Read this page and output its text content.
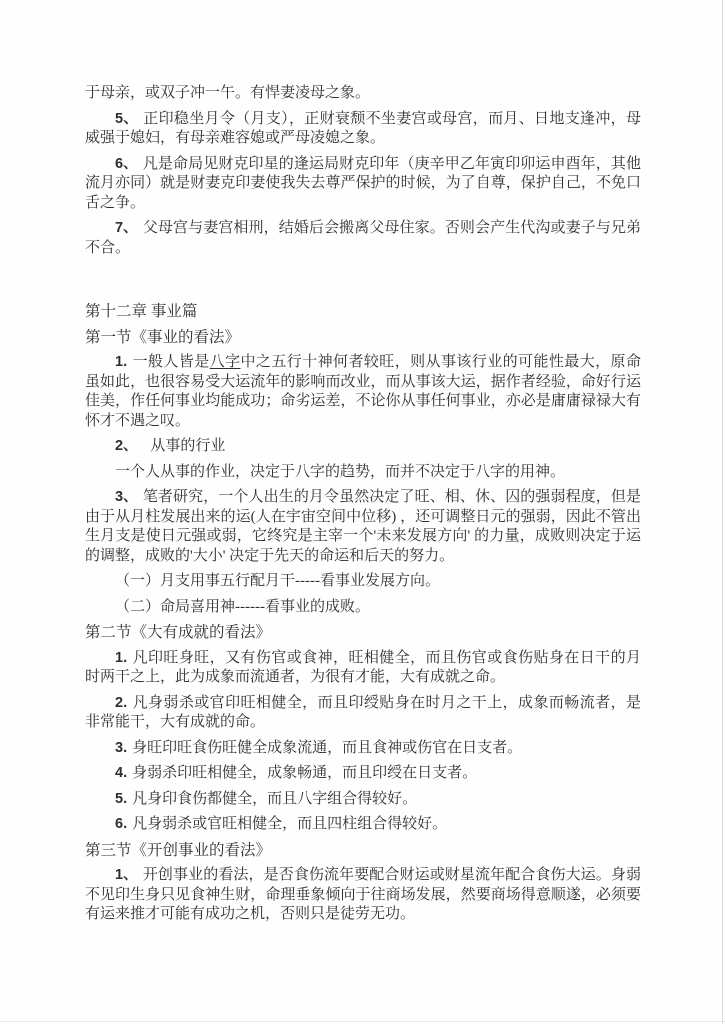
于母亲，或双子冲一午。有悍妻凌母之象。

5、 正印稳坐月令（月支），正财衰颓不坐妻宫或母宫，而月、日地支逢冲，母威强于媳妇，有母亲难容媳或严母凌媳之象。

6、 凡是命局见财克印星的逢运局财克印年（庚辛甲乙年寅印卯运申酉年，其他流月亦同）就是财妻克印妻使我失去尊严保护的时候，为了自尊，保护自己，不免口舌之争。

7、 父母宫与妻宫相刑，结婚后会搬离父母住家。否则会产生代沟或妻子与兄弟不合。

第十二章 事业篇
第一节《事业的看法》

1. 一般人皆是八字中之五行十神何者较旺，则从事该行业的可能性最大，原命虽如此，也很容易受大运流年的影响而改业，而从事该大运，据作者经验，命好行运佳美，作任何事业均能成功；命劣运差，不论你从事任何事业，亦必是庸庸禄禄大有怀才不遇之叹。

2、　从事的行业

一个人从事的作业，决定于八字的趋势，而并不决定于八字的用神。

3、 笔者研究，一个人出生的月令虽然决定了旺、相、休、囚的强弱程度，但是由于从月柱发展出来的运(人在宇宙空间中位移) ，还可调整日元的强弱，因此不管出生月支是使日元强或弱，它终究是主宰一个'未来发展方向' 的力量，成败则决定于运的调整，成败的'大小' 决定于先天的命运和后天的努力。

（一）月支用事五行配月干-----看事业发展方向。

（二）命局喜用神------看事业的成败。

第二节《大有成就的看法》

1. 凡印旺身旺，又有伤官或食神，旺相健全，而且伤官或食伤贴身在日干的月时两干之上，此为成象而流通者，为很有才能，大有成就之命。

2. 凡身弱杀或官印旺相健全，而且印绶贴身在时月之干上，成象而畅流者，是非常能干，大有成就的命。

3. 身旺印旺食伤旺健全成象流通，而且食神或伤官在日支者。

4. 身弱杀印旺相健全，成象畅通，而且印绶在日支者。

5. 凡身印食伤都健全，而且八字组合得较好。

6. 凡身弱杀或官旺相健全，而且四柱组合得较好。

第三节《开创事业的看法》

1、 开创事业的看法，是否食伤流年要配合财运或财星流年配合食伤大运。身弱不见印生身只见食神生财，命理垂象倾向于往商场发展，然要商场得意顺遂，必须要有运来推才可能有成功之机，否则只是徒劳无功。
